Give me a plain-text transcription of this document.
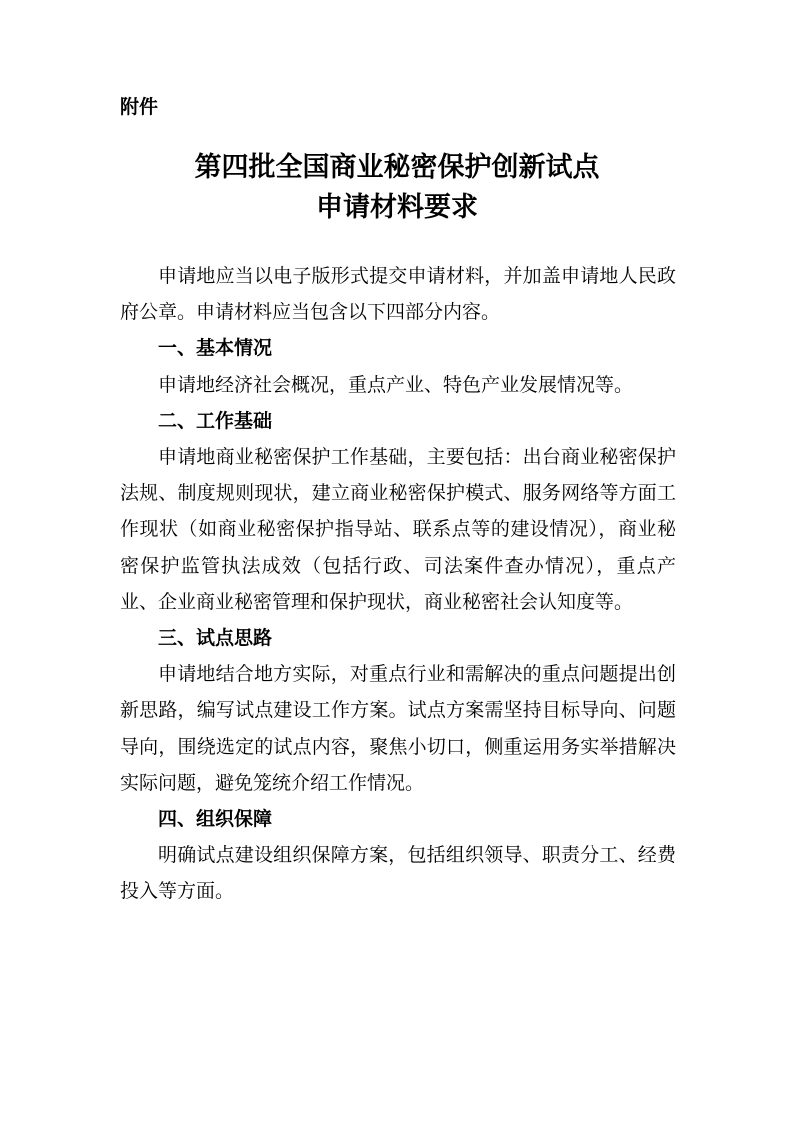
附件
第四批全国商业秘密保护创新试点
申请材料要求

申请地应当以电子版形式提交申请材料，并加盖申请地人民政府公章。申请材料应当包含以下四部分内容。

一、基本情况

申请地经济社会概况，重点产业、特色产业发展情况等。

二、工作基础

申请地商业秘密保护工作基础，主要包括：出台商业秘密保护法规、制度规则现状，建立商业秘密保护模式、服务网络等方面工作现状（如商业秘密保护指导站、联系点等的建设情况），商业秘密保护监管执法成效（包括行政、司法案件查办情况），重点产业、企业商业秘密管理和保护现状，商业秘密社会认知度等。

三、试点思路

申请地结合地方实际，对重点行业和需解决的重点问题提出创新思路，编写试点建设工作方案。试点方案需坚持目标导向、问题导向，围绕选定的试点内容，聚焦小切口，侧重运用务实举措解决实际问题，避免笼统介绍工作情况。

四、组织保障

明确试点建设组织保障方案，包括组织领导、职责分工、经费投入等方面。
